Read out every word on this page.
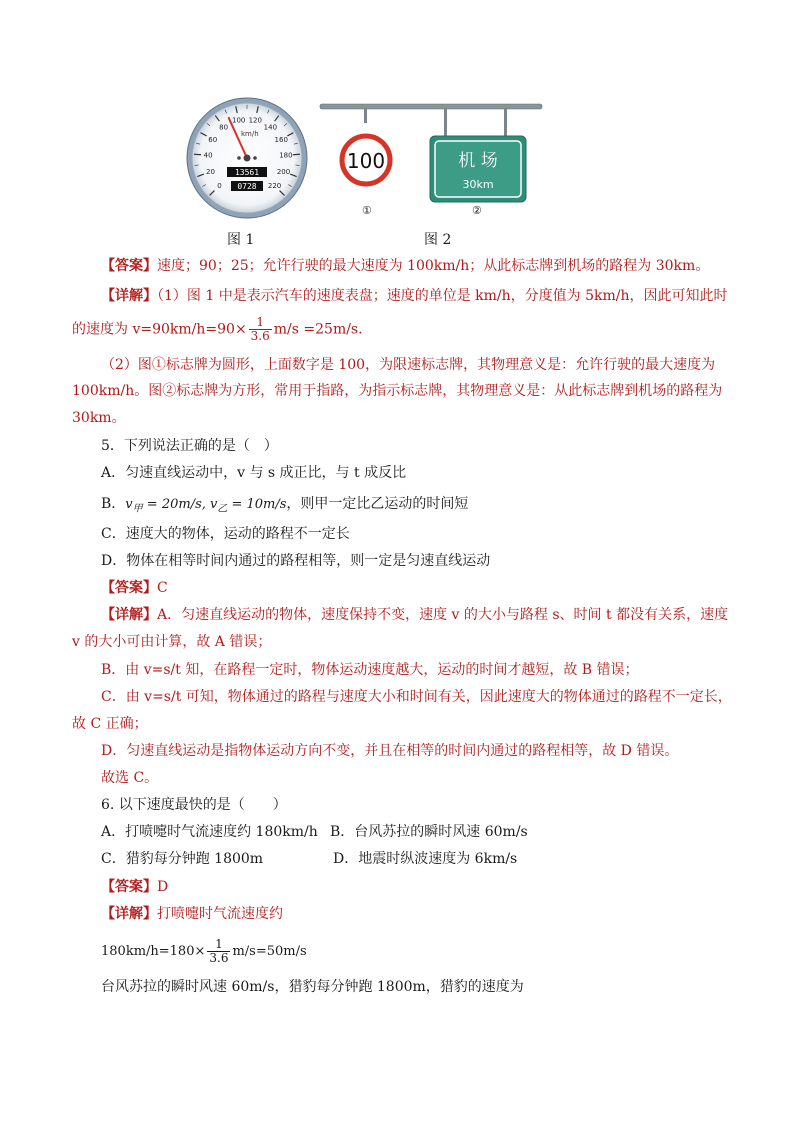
0
20
40
60
80
100 120
140
160
180
200
220
km/h
13561
0728
100	机 场
30km
①	②
图 1	图 2
【答案】速度；90；25；允许行驶的最大速度为 100km/h；从此标志牌到机场的路程为 30km。
【详解】（1）图 1 中是表示汽车的速度表盘；速度的单位是 km/h，分度值为 5km/h，因此可知此时
的速度为 $v=90km/h=90\times \frac{1}{3.6} m/s =25m/s$.
（2）图①标志牌为圆形，上面数字是 100，为限速标志牌，其物理意义是：允许行驶的最大速度为
100km/h。图②标志牌为方形，常用于指路，为指示标志牌，其物理意义是：从此标志牌到机场的路程为
30km。
5．下列说法正确的是（　）
A．匀速直线运动中，v 与 s 成正比，与 t 成反比
B．$v_甲 = 20m/s$, $v_乙 = 10m/s$，则甲一定比乙运动的时间短
C．速度大的物体，运动的路程不一定长
D．物体在相等时间内通过的路程相等，则一定是匀速直线运动
【答案】C
【详解】A．匀速直线运动的物体，速度保持不变，速度 v 的大小与路程 s、时间 t 都没有关系，速度
v 的大小可由计算，故 A 错误；
B．由 v=s/t 知，在路程一定时，物体运动速度越大，运动的时间才越短，故 B 错误；
C．由 v=s/t 可知，物体通过的路程与速度大小和时间有关，因此速度大的物体通过的路程不一定长，
故 C 正确；
D．匀速直线运动是指物体运动方向不变，并且在相等的时间内通过的路程相等，故 D 错误。
故选 C。
6. 以下速度最快的是（　　）
A．打喷嚏时气流速度约 180km/h B．台风苏拉的瞬时风速 60m/s
C．猎豹每分钟跑 1800m	D．地震时纵波速度为 6km/s
【答案】D
【详解】打喷嚏时气流速度约
$180km/h=180\times \frac{1}{3.6} m/s=50m/s$
台风苏拉的瞬时风速 60m/s，猎豹每分钟跑 1800m，猎豹的速度为
